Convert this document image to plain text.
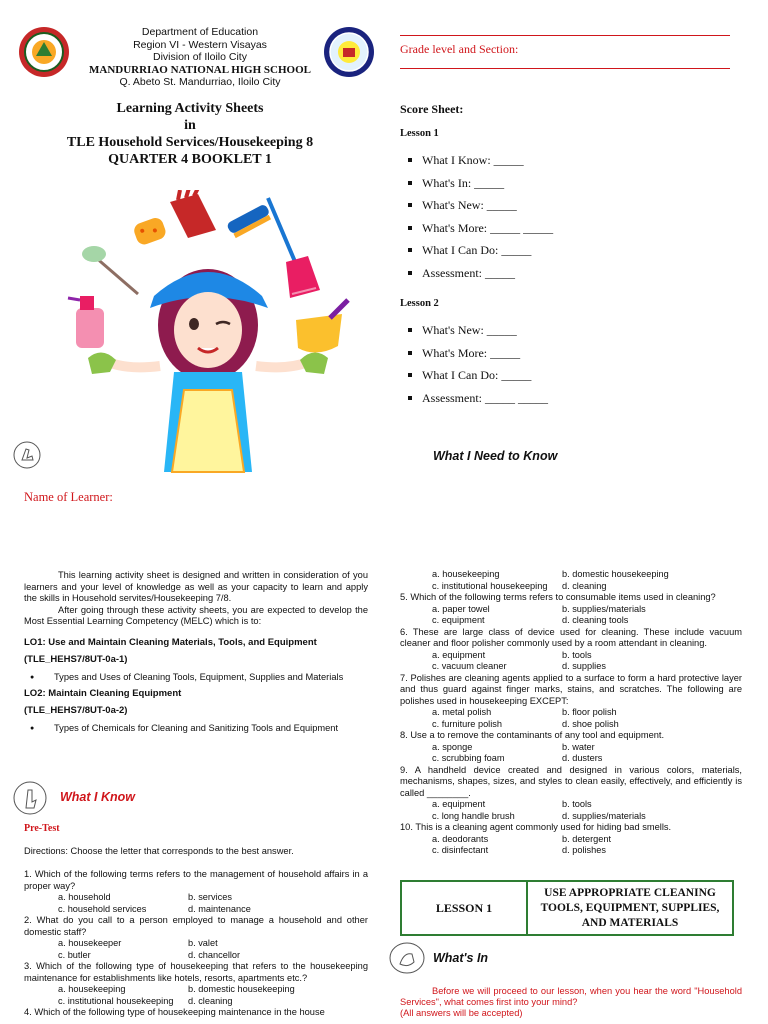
Department of Education
Region VI - Western Visayas
Division of Iloilo City
MANDURRIAO NATIONAL HIGH SCHOOL
Q. Abeto St. Mandurriao, Iloilo City
Learning Activity Sheets
in
TLE Household Services/Housekeeping 8
QUARTER 4 BOOKLET 1
Name of Learner:
Grade level and Section:
Score Sheet:
Lesson 1
What I Know: _____
What's In: _____
What's New: _____
What's More: _____ _____
What I Can Do: _____
Assessment: _____
Lesson 2
What's New: _____
What's More: _____
What I Can Do: _____
Assessment: _____ _____
What I Need to Know
This learning activity sheet is designed and written in consideration of you learners and your level of knowledge as well as your capacity to learn and apply the skills in Household servites/Housekeeping 7/8.
After going through these activity sheets, you are expected to develop the Most Essential Learning Competency (MELC) which is to:
LO1: Use and Maintain Cleaning Materials, Tools, and Equipment
(TLE_HEHS7/8UT-0a-1)
● Types and Uses of Cleaning Tools, Equipment, Supplies and Materials
LO2: Maintain Cleaning Equipment
(TLE_HEHS7/8UT-0a-2)
● Types of Chemicals for Cleaning and Sanitizing Tools and Equipment
What I Know
Pre-Test
Directions: Choose the letter that corresponds to the best answer.
1. Which of the following terms refers to the management of household affairs in a proper way?
a. household	b. services
c. household services	d. maintenance
2. What do you call to a person employed to manage a household and other domestic staff?
a. housekeeper	b. valet
c. butler	d. chancellor
3. Which of the following type of housekeeping that refers to the housekeeping maintenance for establishments like hotels, resorts, apartments etc.?
a. housekeeping	b. domestic housekeeping
c. institutional housekeeping	d. cleaning
4. Which of the following type of housekeeping maintenance in the house
a. housekeeping	b. domestic housekeeping
c. institutional housekeeping	d. cleaning
5. Which of the following terms refers to consumable items used in cleaning?
a. paper towel	b. supplies/materials
c. equipment	d. cleaning tools
6. These are large class of device used for cleaning. These include vacuum cleaner and floor polisher commonly used by a room attendant in cleaning.
a. equipment	b. tools
c. vacuum cleaner	d. supplies
7. Polishes are cleaning agents applied to a surface to form a hard protective layer and thus guard against finger marks, stains, and scratches. The following are polishes used in housekeeping EXCEPT:
a. metal polish	b. floor polish
c. furniture polish	d. shoe polish
8. Use a to remove the contaminants of any tool and equipment.
a. sponge	b. water
c. scrubbing foam	d. dusters
9. A handheld device created and designed in various colors, materials, mechanisms, shapes, sizes, and styles to clean easily, effectively, and efficiently is called ________.
a. equipment	b. tools
c. long handle brush	d. supplies/materials
10. This is a cleaning agent commonly used for hiding bad smells.
a. deodorants	b. detergent
c. disinfectant	d. polishes
LESSON 1
USE APPROPRIATE CLEANING TOOLS, EQUIPMENT, SUPPLIES, AND MATERIALS
What's In
Before we will proceed to our lesson, when you hear the word "Household Services", what comes first into your mind?
(All answers will be accepted)
